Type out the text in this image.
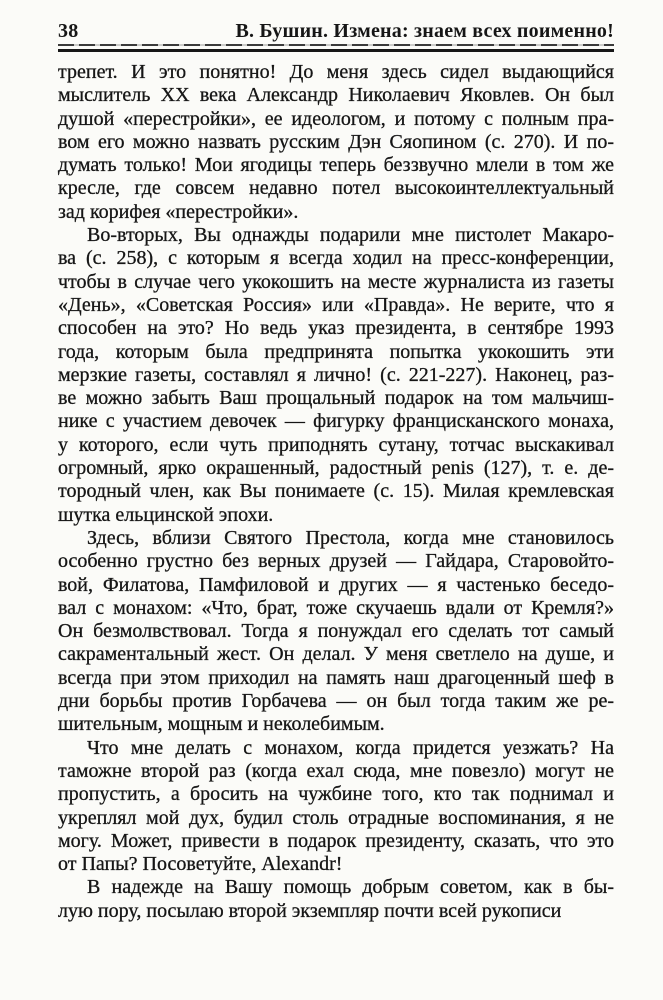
38	В. Бушин. Измена: знаем всех поименно!
трепет. И это понятно! До меня здесь сидел выдающийся
мыслитель XX века Александр Николаевич Яковлев. Он был
душой «перестройки», ее идеологом, и потому с полным пра-
вом его можно назвать русским Дэн Сяопином (с. 270). И по-
думать только! Мои ягодицы теперь беззвучно млели в том же
кресле, где совсем недавно потел высокоинтеллектуальный
зад корифея «перестройки».
Во-вторых, Вы однажды подарили мне пистолет Макаро-
ва (с. 258), с которым я всегда ходил на пресс-конференции,
чтобы в случае чего укокошить на месте журналиста из газеты
«День», «Советская Россия» или «Правда». Не верите, что я
способен на это? Но ведь указ президента, в сентябре 1993
года, которым была предпринята попытка укокошить эти
мерзкие газеты, составлял я лично! (с. 221-227). Наконец, раз-
ве можно забыть Ваш прощальный подарок на том мальчиш-
нике с участием девочек — фигурку францисканского монаха,
у которого, если чуть приподнять сутану, тотчас выскакивал
огромный, ярко окрашенный, радостный penis (127), т. е. де-
тородный член, как Вы понимаете (с. 15). Милая кремлевская
шутка ельцинской эпохи.
Здесь, вблизи Святого Престола, когда мне становилось
особенно грустно без верных друзей — Гайдара, Старовойто-
вой, Филатова, Памфиловой и других — я частенько беседо-
вал с монахом: «Что, брат, тоже скучаешь вдали от Кремля?»
Он безмолвствовал. Тогда я понуждал его сделать тот самый
сакраментальный жест. Он делал. У меня светлело на душе, и
всегда при этом приходил на память наш драгоценный шеф в
дни борьбы против Горбачева — он был тогда таким же ре-
шительным, мощным и неколебимым.
Что мне делать с монахом, когда придется уезжать? На
таможне второй раз (когда ехал сюда, мне повезло) могут не
пропустить, а бросить на чужбине того, кто так поднимал и
укреплял мой дух, будил столь отрадные воспоминания, я не
могу. Может, привести в подарок президенту, сказать, что это
от Папы? Посоветуйте, Alexandr!
В надежде на Вашу помощь добрым советом, как в бы-
лую пору, посылаю второй экземпляр почти всей рукописи
